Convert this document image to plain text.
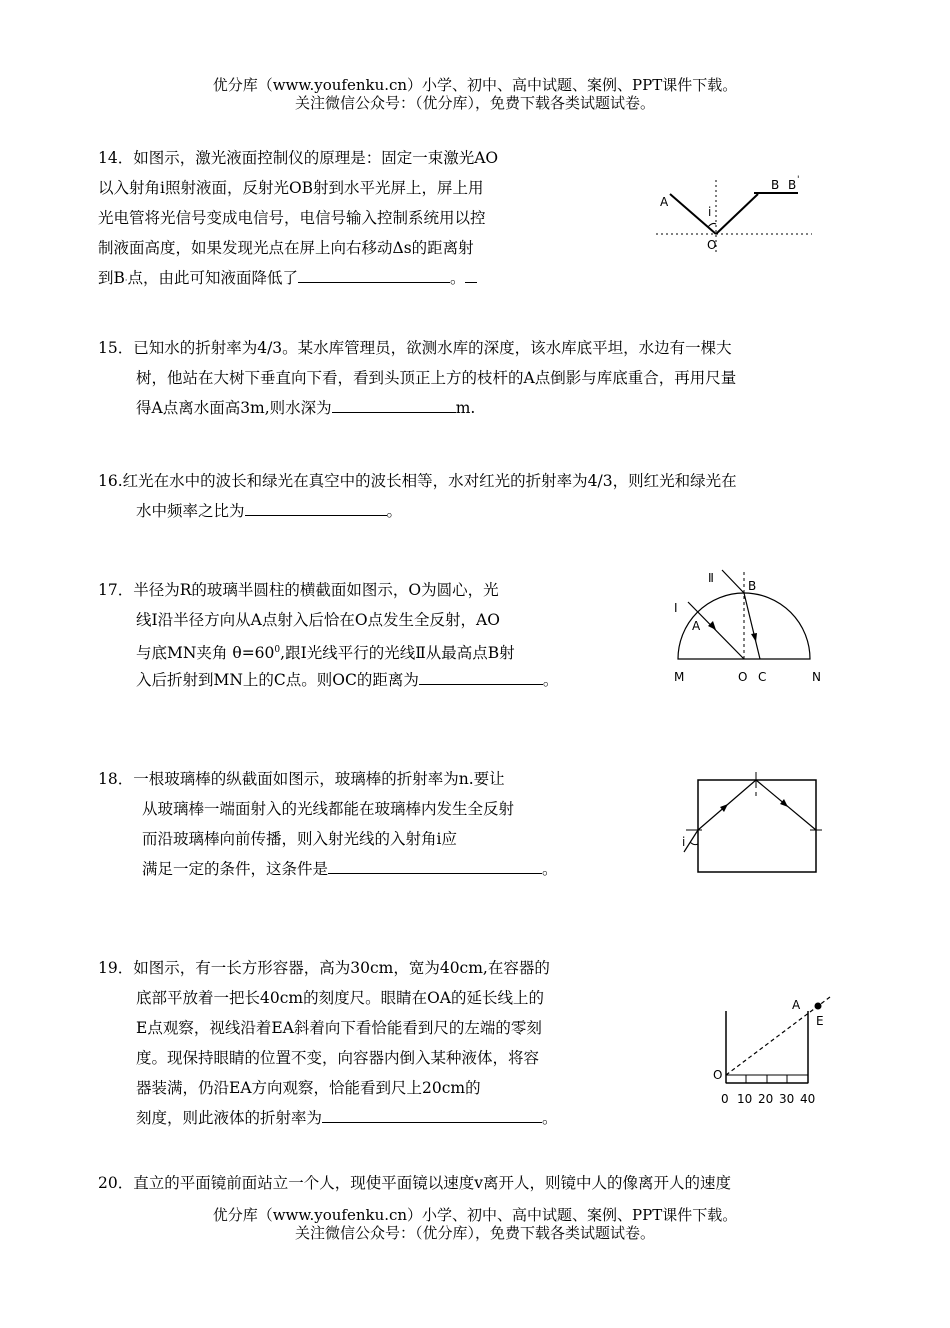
优分库（www.youfenku.cn）小学、初中、高中试题、案例、PPT课件下载。
关注微信公众号：（优分库），免费下载各类试题试卷。
14．如图示，激光液面控制仪的原理是：固定一束激光AO
以入射角i照射液面，反射光OB射到水平光屏上，屏上用
光电管将光信号变成电信号，电信号输入控制系统用以控
制液面高度，如果发现光点在屏上向右移动Δs的距离射
到B·点，由此可知液面降低了	。
A
B B '
i
O
15．已知水的折射率为4/3。某水库管理员，欲测水库的深度，该水库底平坦，水边有一棵大
树，他站在大树下垂直向下看，看到头顶正上方的枝杆的A点倒影与库底重合，再用尺量
得A点离水面高3m,则水深为	m.
16.红光在水中的波长和绿光在真空中的波长相等，水对红光的折射率为4/3，则红光和绿光在
水中频率之比为	。
17．半径为R的玻璃半圆柱的横截面如图示，O为圆心，光
线Ⅰ沿半径方向从A点射入后恰在O点发生全反射，AO
与底MN夹角 $\theta=60^0$,跟Ⅰ光线平行的光线Ⅱ从最高点B射
入后折射到MN上的C点。则OC的距离为	。
Ⅰ
Ⅱ
A
B
M	O C	N
18．一根玻璃棒的纵截面如图示，玻璃棒的折射率为n.要让
从玻璃棒一端面射入的光线都能在玻璃棒内发生全反射
而沿玻璃棒向前传播，则入射光线的入射角i应
满足一定的条件，这条件是	。
i
19．如图示，有一长方形容器，高为30cm，宽为40cm,在容器的
底部平放着一把长40cm的刻度尺。眼睛在OA的延长线上的
E点观察，视线沿着EA斜着向下看恰能看到尺的左端的零刻
度。现保持眼睛的位置不变，向容器内倒入某种液体，将容
器装满，仍沿EA方向观察，恰能看到尺上20cm的
刻度，则此液体的折射率为	。
A
E
O
0 10 20 30 40
20．直立的平面镜前面站立一个人，现使平面镜以速度v离开人，则镜中人的像离开人的速度
优分库（www.youfenku.cn）小学、初中、高中试题、案例、PPT课件下载。
关注微信公众号：（优分库），免费下载各类试题试卷。
